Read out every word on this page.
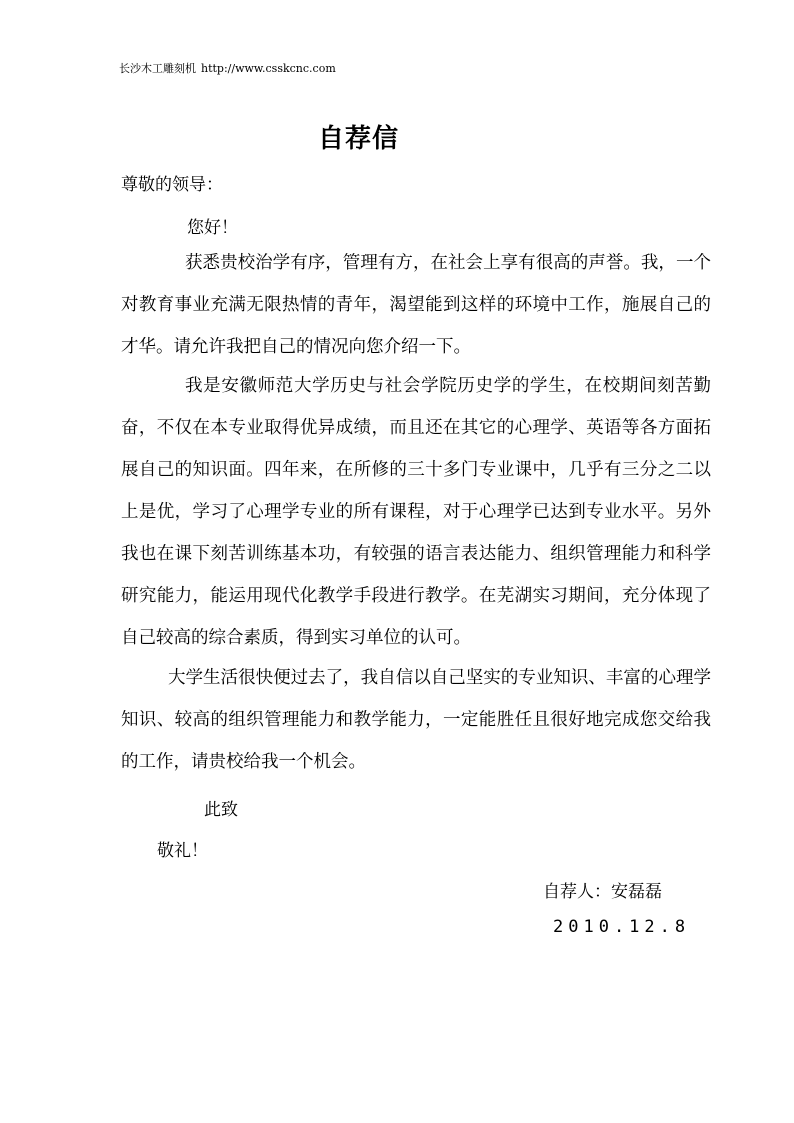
长沙木工雕刻机 http://www.csskcnc.com
自荐信
尊敬的领导：
您好！

获悉贵校治学有序，管理有方，在社会上享有很高的声誉。我，一个对教育事业充满无限热情的青年，渴望能到这样的环境中工作，施展自己的才华。请允许我把自己的情况向您介绍一下。

我是安徽师范大学历史与社会学院历史学的学生，在校期间刻苦勤奋，不仅在本专业取得优异成绩，而且还在其它的心理学、英语等各方面拓展自己的知识面。四年来，在所修的三十多门专业课中，几乎有三分之二以上是优，学习了心理学专业的所有课程，对于心理学已达到专业水平。另外我也在课下刻苦训练基本功，有较强的语言表达能力、组织管理能力和科学研究能力，能运用现代化教学手段进行教学。在芜湖实习期间，充分体现了自己较高的综合素质，得到实习单位的认可。

大学生活很快便过去了，我自信以自己坚实的专业知识、丰富的心理学知识、较高的组织管理能力和教学能力，一定能胜任且很好地完成您交给我的工作，请贵校给我一个机会。

此致
敬礼！
自荐人：安磊磊
2010.12.8
